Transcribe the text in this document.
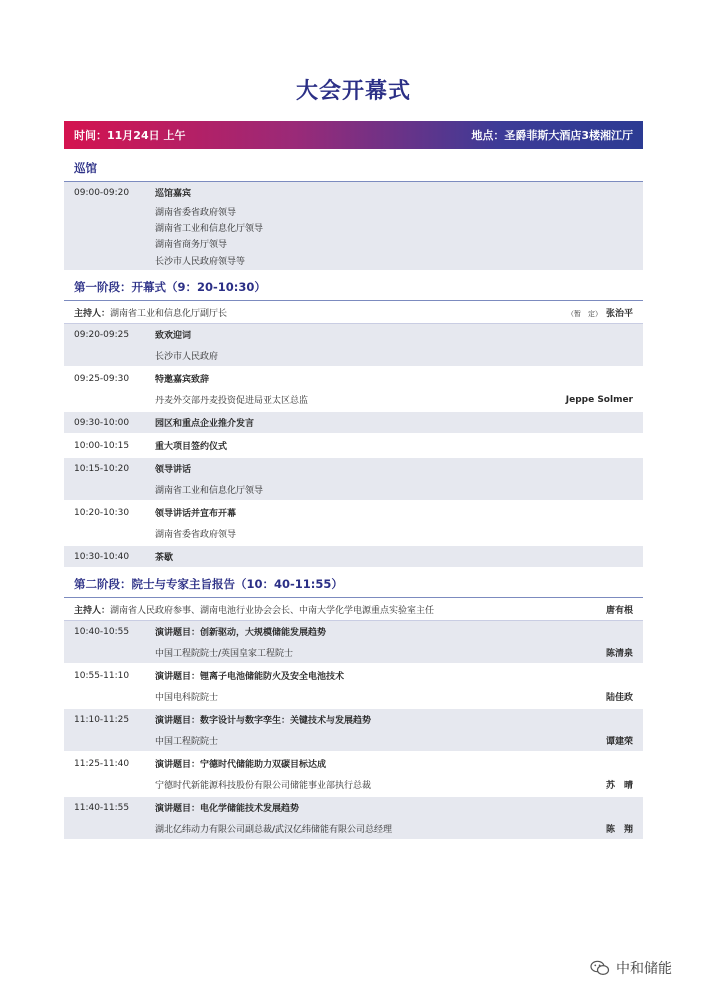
大会开幕式
时间：11月24日 上午	地点：圣爵菲斯大酒店3楼湘江厅
巡馆
09:00-09:20	巡馆嘉宾
湖南省委省政府领导
湖南省工业和信息化厅领导
湖南省商务厅领导
长沙市人民政府领导等
第一阶段：开幕式（9：20-10:30）
主持人：湖南省工业和信息化厅副厅长	（暂　定） 张治平
09:20-09:25	致欢迎词
长沙市人民政府
09:25-09:30	特邀嘉宾致辞
丹麦外交部丹麦投资促进局亚太区总监	Jeppe Solmer
09:30-10:00	园区和重点企业推介发言
10:00-10:15	重大项目签约仪式
10:15-10:20	领导讲话
湖南省工业和信息化厅领导
10:20-10:30	领导讲话并宣布开幕
湖南省委省政府领导
10:30-10:40	茶歇
第二阶段：院士与专家主旨报告（10：40-11:55）
主持人：湖南省人民政府参事、湖南电池行业协会会长、中南大学化学电源重点实验室主任	唐有根
10:40-10:55	演讲题目：创新驱动，大规模储能发展趋势
中国工程院院士/英国皇家工程院士	陈清泉
10:55-11:10	演讲题目：锂离子电池储能防火及安全电池技术
中国电科院院士	陆佳政
11:10-11:25	演讲题目：数字设计与数字孪生：关键技术与发展趋势
中国工程院院士	谭建荣
11:25-11:40	演讲题目：宁德时代储能助力双碳目标达成
宁德时代新能源科技股份有限公司储能事业部执行总裁	苏　晴
11:40-11:55	演讲题目：电化学储能技术发展趋势
湖北亿纬动力有限公司副总裁/武汉亿纬储能有限公司总经理	陈　翔
中和储能
